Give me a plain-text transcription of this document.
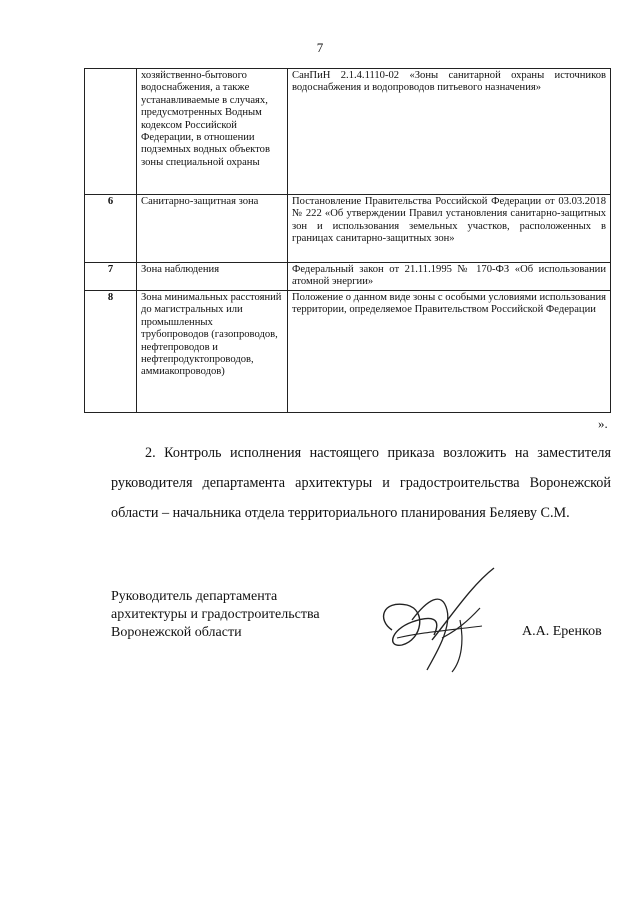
7
	хозяйственно-бытового водоснабжения, а также устанавливаемые в случаях, предусмотренных Водным кодексом Российской Федерации, в отношении подземных водных объектов зоны специальной охраны	СанПиН 2.1.4.1110-02 «Зоны санитарной охраны источников водоснабжения и водопроводов питьевого назначения»
6	Санитарно-защитная зона	Постановление Правительства Российской Федерации от 03.03.2018 № 222 «Об утверждении Правил установления санитарно-защитных зон и использования земельных участков, расположенных в границах санитарно-защитных зон»
7	Зона наблюдения	Федеральный закон от 21.11.1995 № 170-ФЗ «Об использовании атомной энергии»
8	Зона минимальных расстояний до магистральных или промышленных трубопроводов (газопроводов, нефтепроводов и нефтепродуктопроводов, аммиакопроводов)	Положение о данном виде зоны с особыми условиями использования территории, определяемое Правительством Российской Федерации
».
2. Контроль исполнения настоящего приказа возложить на заместителя руководителя департамента архитектуры и градостроительства Воронежской области – начальника отдела территориального планирования Беляеву С.М.
Руководитель департамента
архитектуры и градостроительства
Воронежской области	А.А. Еренков
